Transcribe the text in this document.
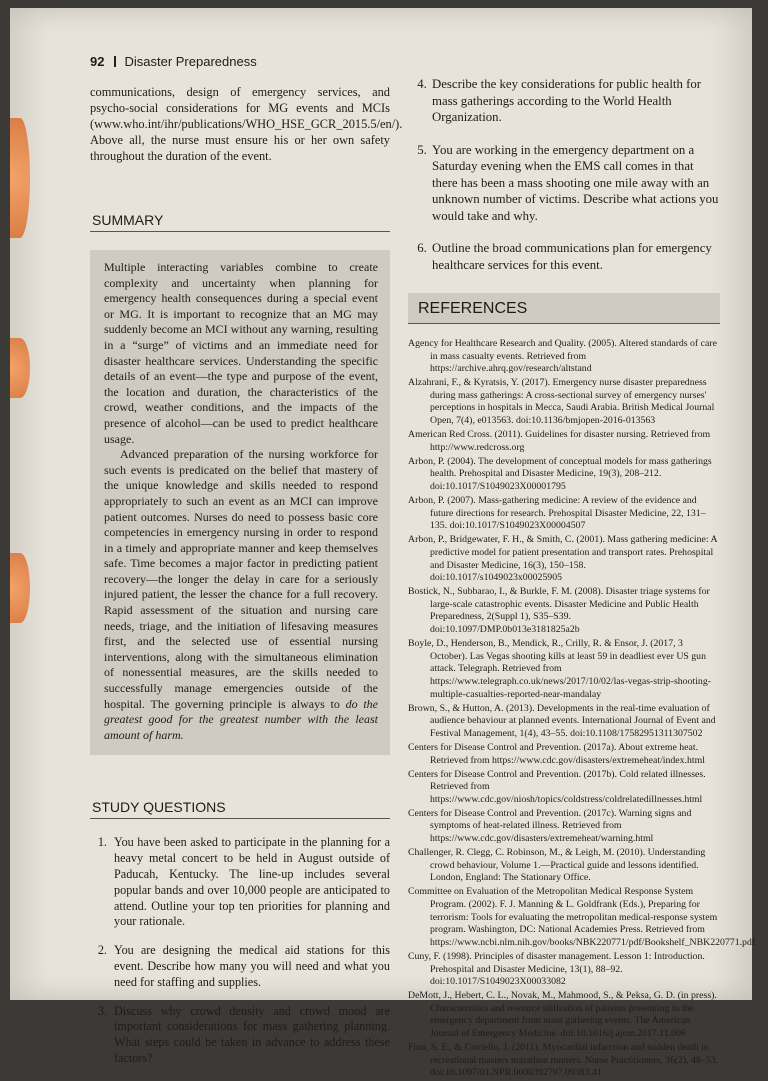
92 Disaster Preparedness

communications, design of emergency services, and psycho-social considerations for MG events and MCIs (www.who.int/ihr/publications/WHO_HSE_GCR_2015.5/en/). Above all, the nurse must ensure his or her own safety throughout the duration of the event.

SUMMARY

Multiple interacting variables combine to create complexity and uncertainty when planning for emergency health consequences during a special event or MG. It is important to recognize that an MG may suddenly become an MCI without any warning, resulting in a “surge” of victims and an immediate need for disaster healthcare services. Understanding the specific details of an event—the type and purpose of the event, the location and duration, the characteristics of the crowd, weather conditions, and the impacts of the presence of alcohol—can be used to predict healthcare usage.

Advanced preparation of the nursing workforce for such events is predicated on the belief that mastery of the unique knowledge and skills needed to respond appropriately to such an event as an MCI can improve patient outcomes. Nurses do need to possess basic core competencies in emergency nursing in order to respond in a timely and appropriate manner and keep themselves safe. Time becomes a major factor in predicting patient recovery—the longer the delay in care for a seriously injured patient, the lesser the chance for a full recovery. Rapid assessment of the situation and nursing care needs, triage, and the initiation of lifesaving measures first, and the selected use of essential nursing interventions, along with the simultaneous elimination of nonessential measures, are the skills needed to successfully manage emergencies outside of the hospital. The governing principle is always to do the greatest good for the greatest number with the least amount of harm.

STUDY QUESTIONS
1. You have been asked to participate in the planning for a heavy metal concert to be held in August outside of Paducah, Kentucky. The line-up includes several popular bands and over 10,000 people are anticipated to attend. Outline your top ten priorities for planning and your rationale.
2. You are designing the medical aid stations for this event. Describe how many you will need and what you need for staffing and supplies.
3. Discuss why crowd density and crowd mood are important considerations for mass gathering planning. What steps could be taken in advance to address these factors?
4. Describe the key considerations for public health for mass gatherings according to the World Health Organization.
5. You are working in the emergency department on a Saturday evening when the EMS call comes in that there has been a mass shooting one mile away with an unknown number of victims. Describe what actions you would take and why.
6. Outline the broad communications plan for emergency healthcare services for this event.
REFERENCES

Agency for Healthcare Research and Quality. (2005). Altered standards of care in mass casualty events. Retrieved from https://archive.ahrq.gov/research/altstand

Alzahrani, F., & Kyratsis, Y. (2017). Emergency nurse disaster preparedness during mass gatherings: A cross-sectional survey of emergency nurses' perceptions in hospitals in Mecca, Saudi Arabia. British Medical Journal Open, 7(4), e013563. doi:10.1136/bmjopen-2016-013563

American Red Cross. (2011). Guidelines for disaster nursing. Retrieved from http://www.redcross.org

Arbon, P. (2004). The development of conceptual models for mass gatherings health. Prehospital and Disaster Medicine, 19(3), 208–212. doi:10.1017/S1049023X00001795

Arbon, P. (2007). Mass-gathering medicine: A review of the evidence and future directions for research. Prehospital Disaster Medicine, 22, 131–135. doi:10.1017/S1049023X00004507

Arbon, P., Bridgewater, F. H., & Smith, C. (2001). Mass gathering medicine: A predictive model for patient presentation and transport rates. Prehospital and Disaster Medicine, 16(3), 150–158. doi:10.1017/s1049023x00025905

Bostick, N., Subbarao, I., & Burkle, F. M. (2008). Disaster triage systems for large-scale catastrophic events. Disaster Medicine and Public Health Preparedness, 2(Suppl 1), S35–S39. doi:10.1097/DMP.0b013e3181825a2b

Boyle, D., Henderson, B., Mendick, R., Crilly, R. & Ensor, J. (2017, 3 October). Las Vegas shooting kills at least 59 in deadliest ever US gun attack. Telegraph. Retrieved from https://www.telegraph.co.uk/news/2017/10/02/las-vegas-strip-shooting-multiple-casualties-reported-near-mandalay

Brown, S., & Hutton, A. (2013). Developments in the real-time evaluation of audience behaviour at planned events. International Journal of Event and Festival Management, 1(4), 43–55. doi:10.1108/17582951311307502

Centers for Disease Control and Prevention. (2017a). About extreme heat. Retrieved from https://www.cdc.gov/disasters/extremeheat/index.html

Centers for Disease Control and Prevention. (2017b). Cold related illnesses. Retrieved from https://www.cdc.gov/niosh/topics/coldstress/coldrelatedillnesses.html

Centers for Disease Control and Prevention. (2017c). Warning signs and symptoms of heat-related illness. Retrieved from https://www.cdc.gov/disasters/extremeheat/warning.html

Challenger, R. Clegg, C. Robinson, M., & Leigh, M. (2010). Understanding crowd behaviour, Volume 1.—Practical guide and lessons identified. London, England: The Stationary Office.

Committee on Evaluation of the Metropolitan Medical Response System Program. (2002). F. J. Manning & L. Goldfrank (Eds.), Preparing for terrorism: Tools for evaluating the metropolitan medical-response system program. Washington, DC: National Academies Press. Retrieved from https://www.ncbi.nlm.nih.gov/books/NBK220771/pdf/Bookshelf_NBK220771.pdf

Cuny, F. (1998). Principles of disaster management. Lesson 1: Introduction. Prehospital and Disaster Medicine, 13(1), 88–92. doi:10.1017/S1049023X00033082

DeMott, J., Hebert, C. L., Novak, M., Mahmood, S., & Peksa, G. D. (in press). Characteristics and resource utilization of patients presenting to the emergency department from mass gathering events. The American Journal of Emergency Medicine. doi:10.1016/j.ajem.2017.11.006

Finn, S. E., & Coviello, J. (2011). Myocardial infarction and sudden death in recreational masters marathon runners. Nurse Practitioners, 36(2), 48–53. doi:10.1097/01.NPR.0000392797.09383.41
